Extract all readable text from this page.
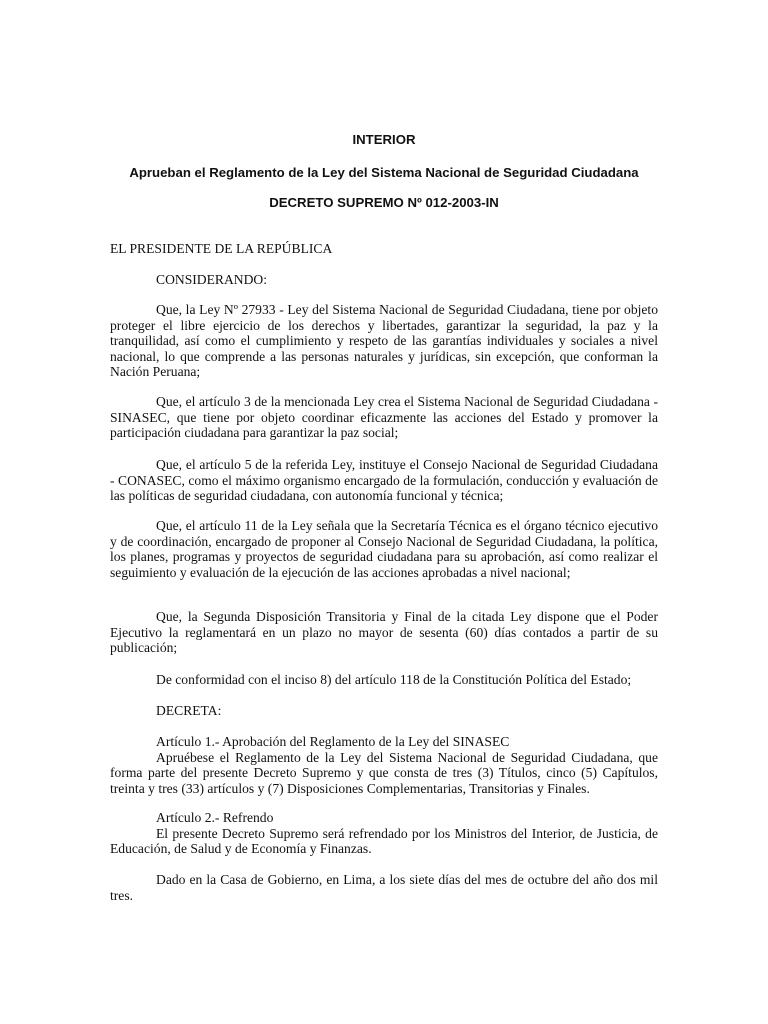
INTERIOR

Aprueban el Reglamento de la Ley del Sistema Nacional de Seguridad Ciudadana

DECRETO SUPREMO Nº 012-2003-IN

EL PRESIDENTE DE LA REPÚBLICA

CONSIDERANDO:

Que, la Ley Nº 27933 - Ley del Sistema Nacional de Seguridad Ciudadana, tiene por objeto proteger el libre ejercicio de los derechos y libertades, garantizar la seguridad, la paz y la tranquilidad, así como el cumplimiento y respeto de las garantías individuales y sociales a nivel nacional, lo que comprende a las personas naturales y jurídicas, sin excepción, que conforman la Nación Peruana;

Que, el artículo 3 de la mencionada Ley crea el Sistema Nacional de Seguridad Ciudadana - SINASEC, que tiene por objeto coordinar eficazmente las acciones del Estado y promover la participación ciudadana para garantizar la paz social;

Que, el artículo 5 de la referida Ley, instituye el Consejo Nacional de Seguridad Ciudadana - CONASEC, como el máximo organismo encargado de la formulación, conducción y evaluación de las políticas de seguridad ciudadana, con autonomía funcional y técnica;

Que, el artículo 11 de la Ley señala que la Secretaría Técnica es el órgano técnico ejecutivo y de coordinación, encargado de proponer al Consejo Nacional de Seguridad Ciudadana, la política, los planes, programas y proyectos de seguridad ciudadana para su aprobación, así como realizar el seguimiento y evaluación de la ejecución de las acciones aprobadas a nivel nacional;

Que, la Segunda Disposición Transitoria y Final de la citada Ley dispone que el Poder Ejecutivo la reglamentará en un plazo no mayor de sesenta (60) días contados a partir de su publicación;

De conformidad con el inciso 8) del artículo 118 de la Constitución Política del Estado;

DECRETA:

Artículo 1.- Aprobación del Reglamento de la Ley del SINASEC
Apruébese el Reglamento de la Ley del Sistema Nacional de Seguridad Ciudadana, que forma parte del presente Decreto Supremo y que consta de tres (3) Títulos, cinco (5) Capítulos, treinta y tres (33) artículos y (7) Disposiciones Complementarias, Transitorias y Finales.
Artículo 2.- Refrendo
El presente Decreto Supremo será refrendado por los Ministros del Interior, de Justicia, de Educación, de Salud y de Economía y Finanzas.

Dado en la Casa de Gobierno, en Lima, a los siete días del mes de octubre del año dos mil tres.
